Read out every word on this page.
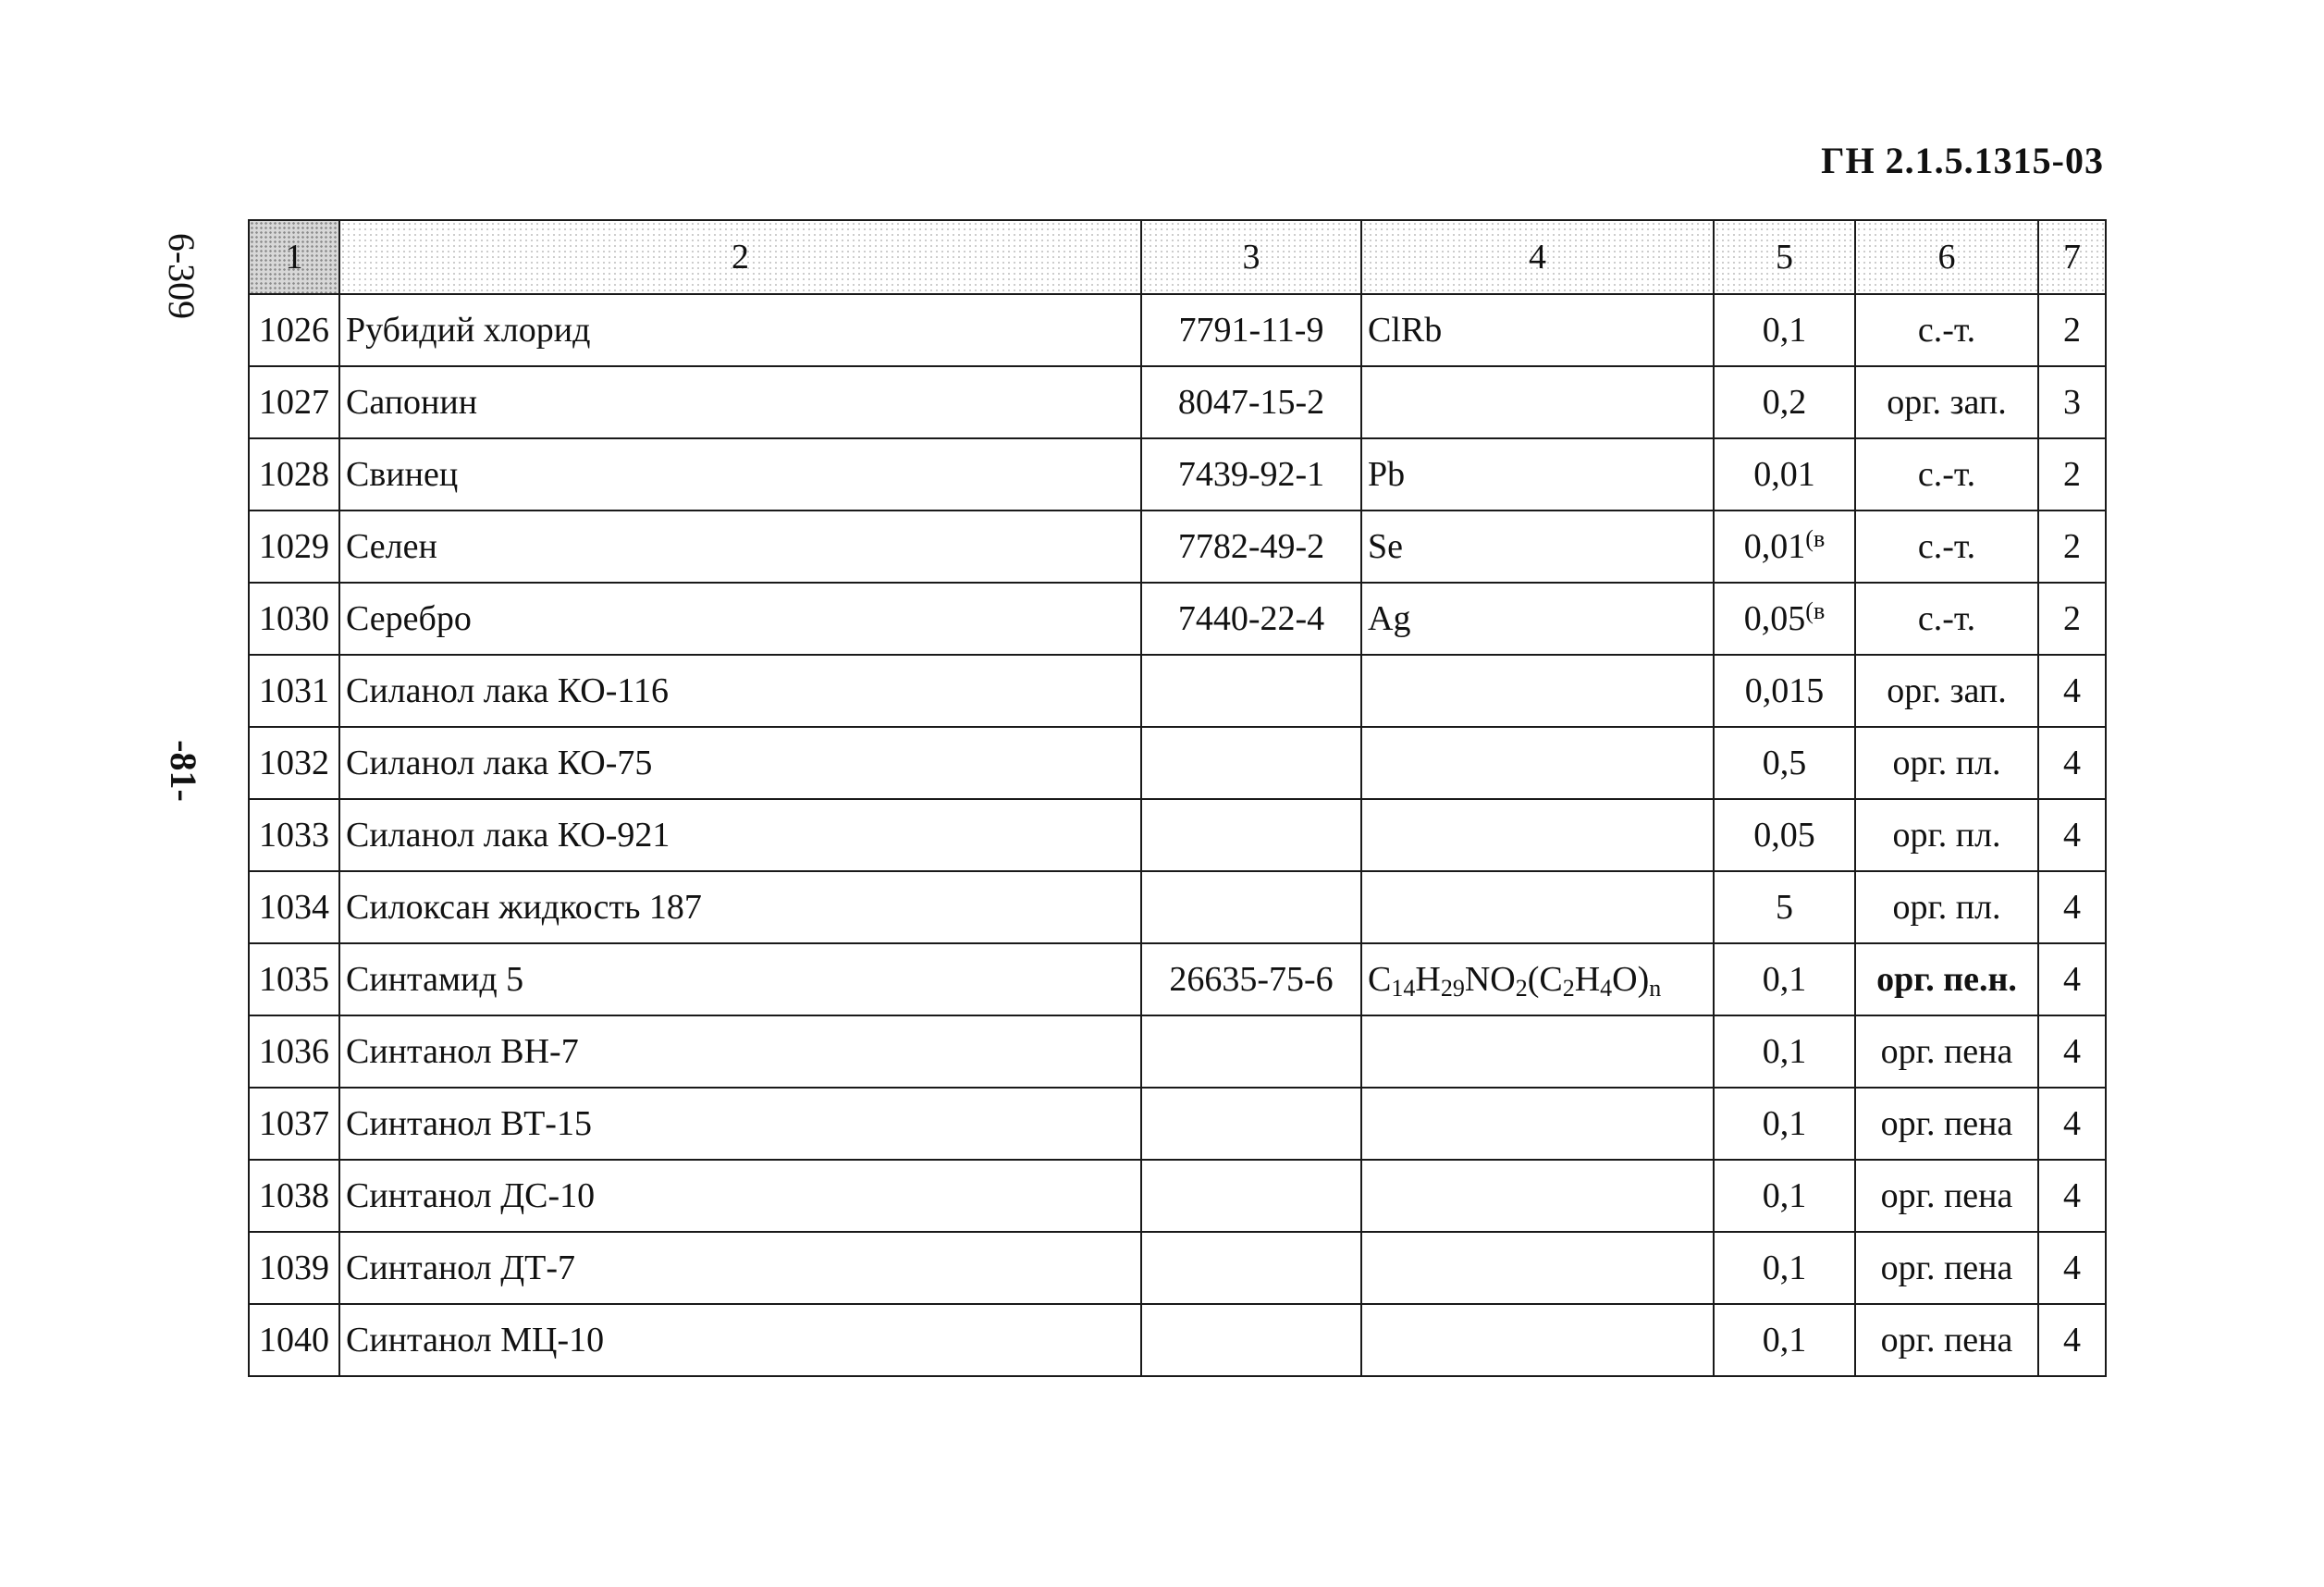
ГН 2.1.5.1315-03
6-309
-81-
1	2	3	4	5	6	7
1026	Рубидий хлорид	7791-11-9	ClRb	0,1	с.-т.	2
1027	Сапонин	8047-15-2		0,2	орг. зап.	3
1028	Свинец	7439-92-1	Pb	0,01	с.-т.	2
1029	Селен	7782-49-2	Se	$0,01^{(в}$	с.-т.	2
1030	Серебро	7440-22-4	Ag	$0,05^{(в}$	с.-т.	2
1031	Силанол лака КО-116			0,015	орг. зап.	4
1032	Силанол лака КО-75			0,5	орг. пл.	4
1033	Силанол лака КО-921			0,05	орг. пл.	4
1034	Силоксан жидкость 187			5	орг. пл.	4
1035	Синтамид 5	26635-75-6	$C_{14}H_{29}NO_2(C_2H_4O)_n$	0,1	орг. пе.н.	4
1036	Синтанол ВН-7			0,1	орг. пена	4
1037	Синтанол ВТ-15			0,1	орг. пена	4
1038	Синтанол ДС-10			0,1	орг. пена	4
1039	Синтанол ДТ-7			0,1	орг. пена	4
1040	Синтанол МЦ-10			0,1	орг. пена	4
